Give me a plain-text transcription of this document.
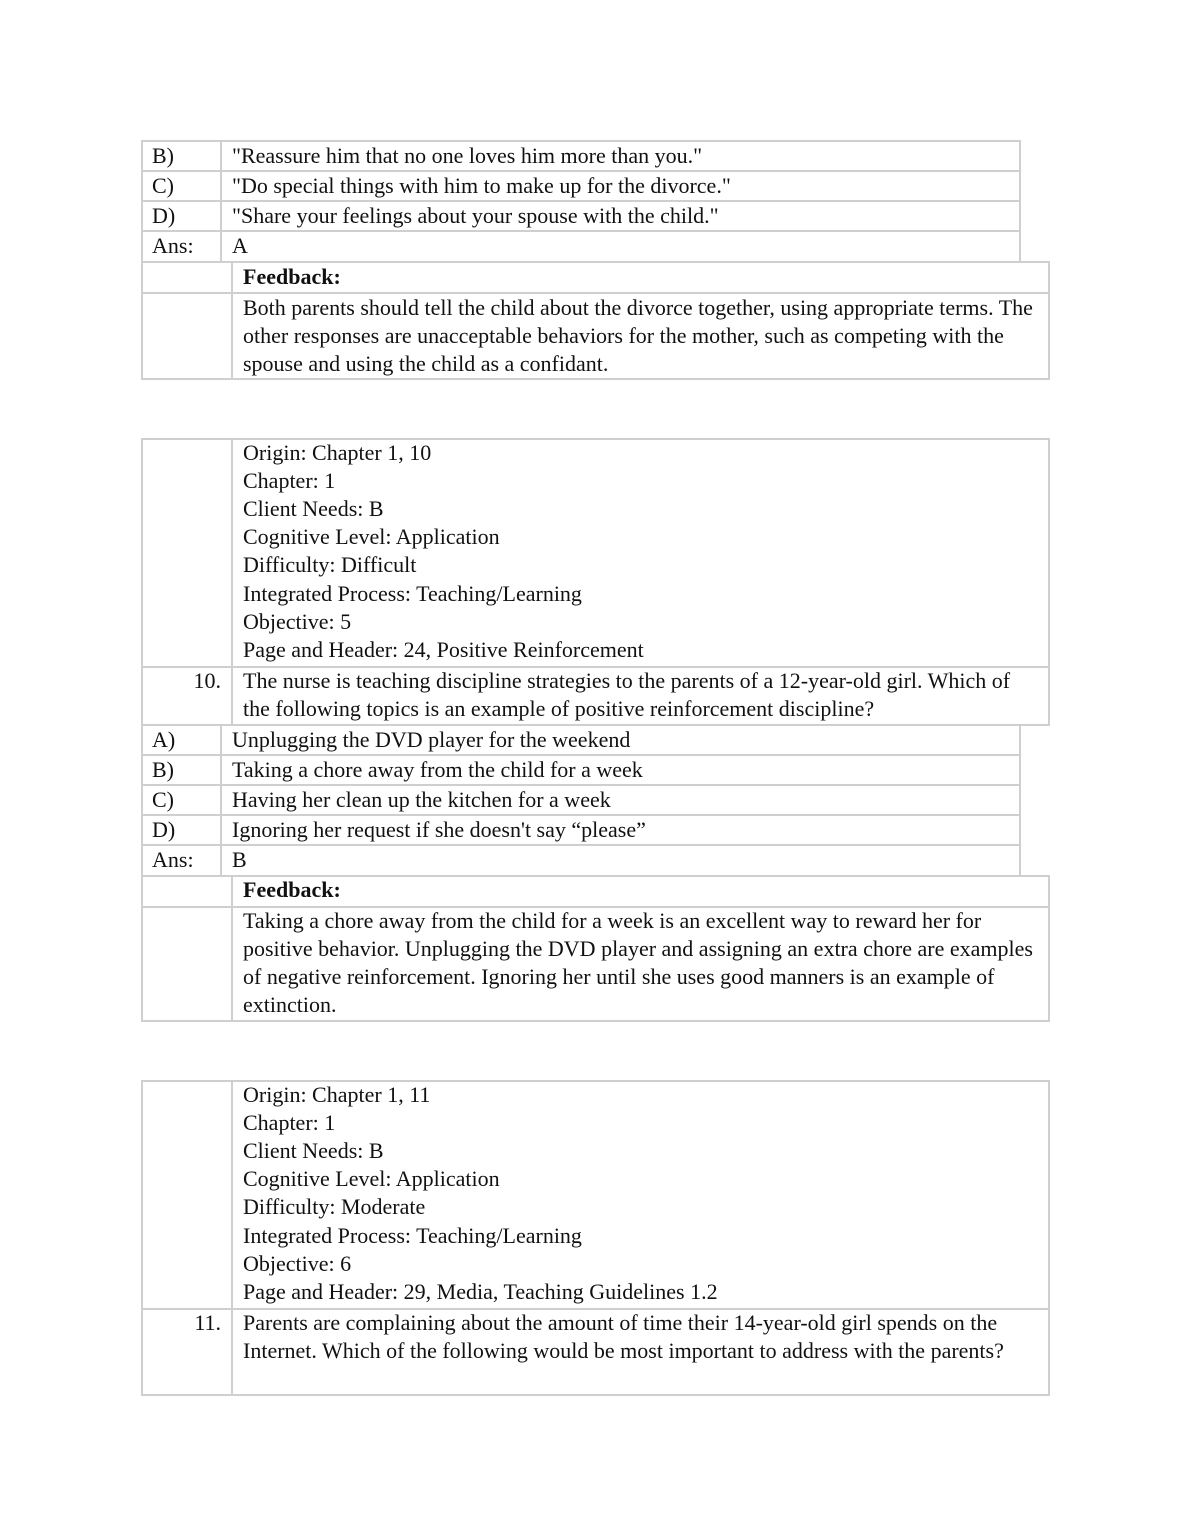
B)	"Reassure him that no one loves him more than you."
C)	"Do special things with him to make up for the divorce."
D)	"Share your feelings about your spouse with the child."
Ans: A
Feedback:
Both parents should tell the child about the divorce together, using appropriate terms. The other responses are unacceptable behaviors for the mother, such as competing with the spouse and using the child as a confidant.
Origin: Chapter 1, 10
Chapter: 1
Client Needs: B
Cognitive Level: Application
Difficulty: Difficult
Integrated Process: Teaching/Learning
Objective: 5
Page and Header: 24, Positive Reinforcement
10. The nurse is teaching discipline strategies to the parents of a 12-year-old girl. Which of the following topics is an example of positive reinforcement discipline?
A)	Unplugging the DVD player for the weekend
B)	Taking a chore away from the child for a week
C)	Having her clean up the kitchen for a week
D)	Ignoring her request if she doesn't say “please”
Ans: B
Feedback:
Taking a chore away from the child for a week is an excellent way to reward her for positive behavior. Unplugging the DVD player and assigning an extra chore are examples of negative reinforcement. Ignoring her until she uses good manners is an example of extinction.
Origin: Chapter 1, 11
Chapter: 1
Client Needs: B
Cognitive Level: Application
Difficulty: Moderate
Integrated Process: Teaching/Learning
Objective: 6
Page and Header: 29, Media, Teaching Guidelines 1.2
11. Parents are complaining about the amount of time their 14-year-old girl spends on the Internet. Which of the following would be most important to address with the parents?
